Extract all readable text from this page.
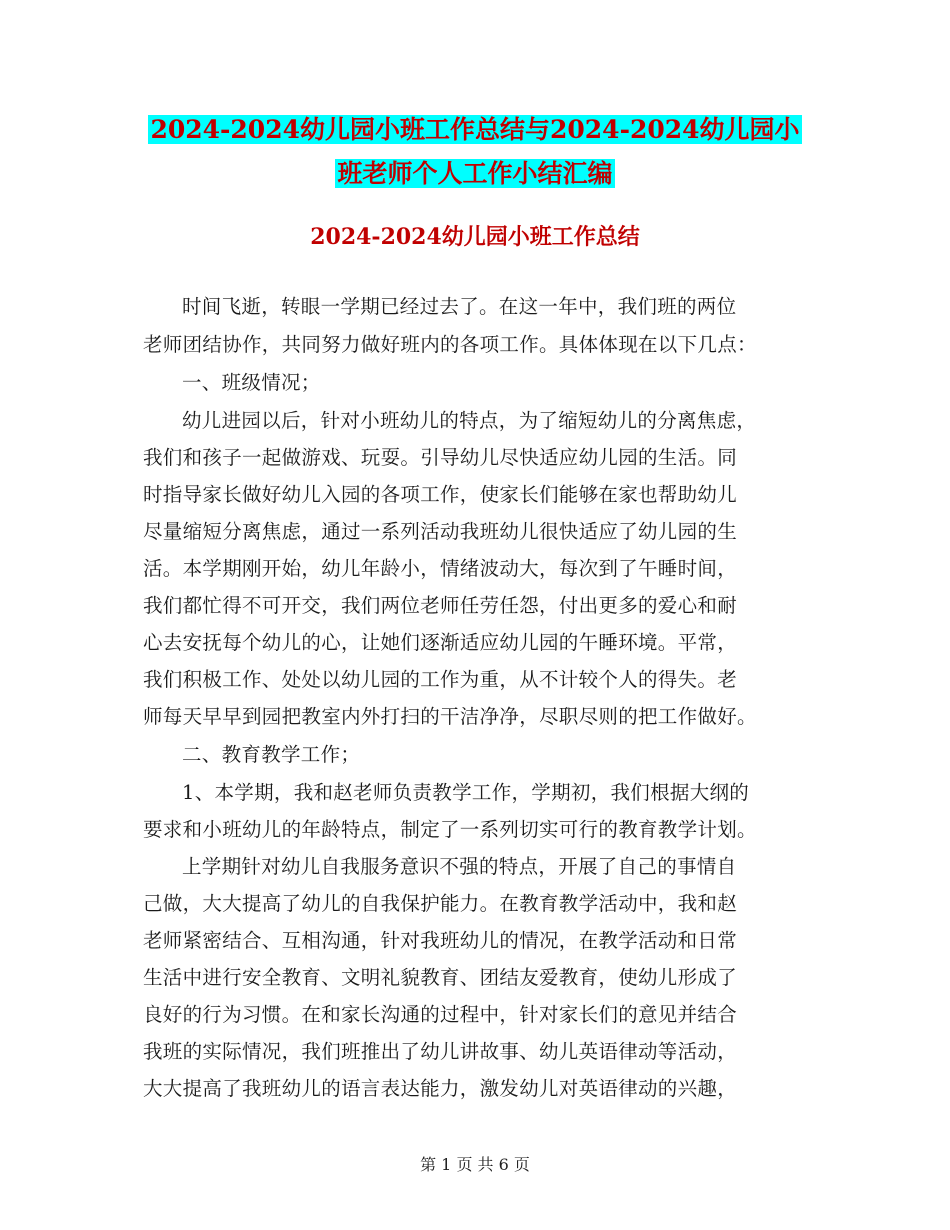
2024-2024幼儿园小班工作总结与2024-2024幼儿园小
班老师个人工作小结汇编
2024-2024幼儿园小班工作总结
时间飞逝，转眼一学期已经过去了。在这一年中，我们班的两位
老师团结协作，共同努力做好班内的各项工作。具体体现在以下几点：
一、班级情况；
幼儿进园以后，针对小班幼儿的特点，为了缩短幼儿的分离焦虑，
我们和孩子一起做游戏、玩耍。引导幼儿尽快适应幼儿园的生活。同
时指导家长做好幼儿入园的各项工作，使家长们能够在家也帮助幼儿
尽量缩短分离焦虑，通过一系列活动我班幼儿很快适应了幼儿园的生
活。本学期刚开始，幼儿年龄小，情绪波动大，每次到了午睡时间，
我们都忙得不可开交，我们两位老师任劳任怨，付出更多的爱心和耐
心去安抚每个幼儿的心，让她们逐渐适应幼儿园的午睡环境。平常，
我们积极工作、处处以幼儿园的工作为重，从不计较个人的得失。老
师每天早早到园把教室内外打扫的干洁净净，尽职尽则的把工作做好。
二、教育教学工作；
1、本学期，我和赵老师负责教学工作，学期初，我们根据大纲的
要求和小班幼儿的年龄特点，制定了一系列切实可行的教育教学计划。
上学期针对幼儿自我服务意识不强的特点，开展了自己的事情自
己做，大大提高了幼儿的自我保护能力。在教育教学活动中，我和赵
老师紧密结合、互相沟通，针对我班幼儿的情况，在教学活动和日常
生活中进行安全教育、文明礼貌教育、团结友爱教育，使幼儿形成了
良好的行为习惯。在和家长沟通的过程中，针对家长们的意见并结合
我班的实际情况，我们班推出了幼儿讲故事、幼儿英语律动等活动，
大大提高了我班幼儿的语言表达能力，激发幼儿对英语律动的兴趣，
第 1 页 共 6 页
